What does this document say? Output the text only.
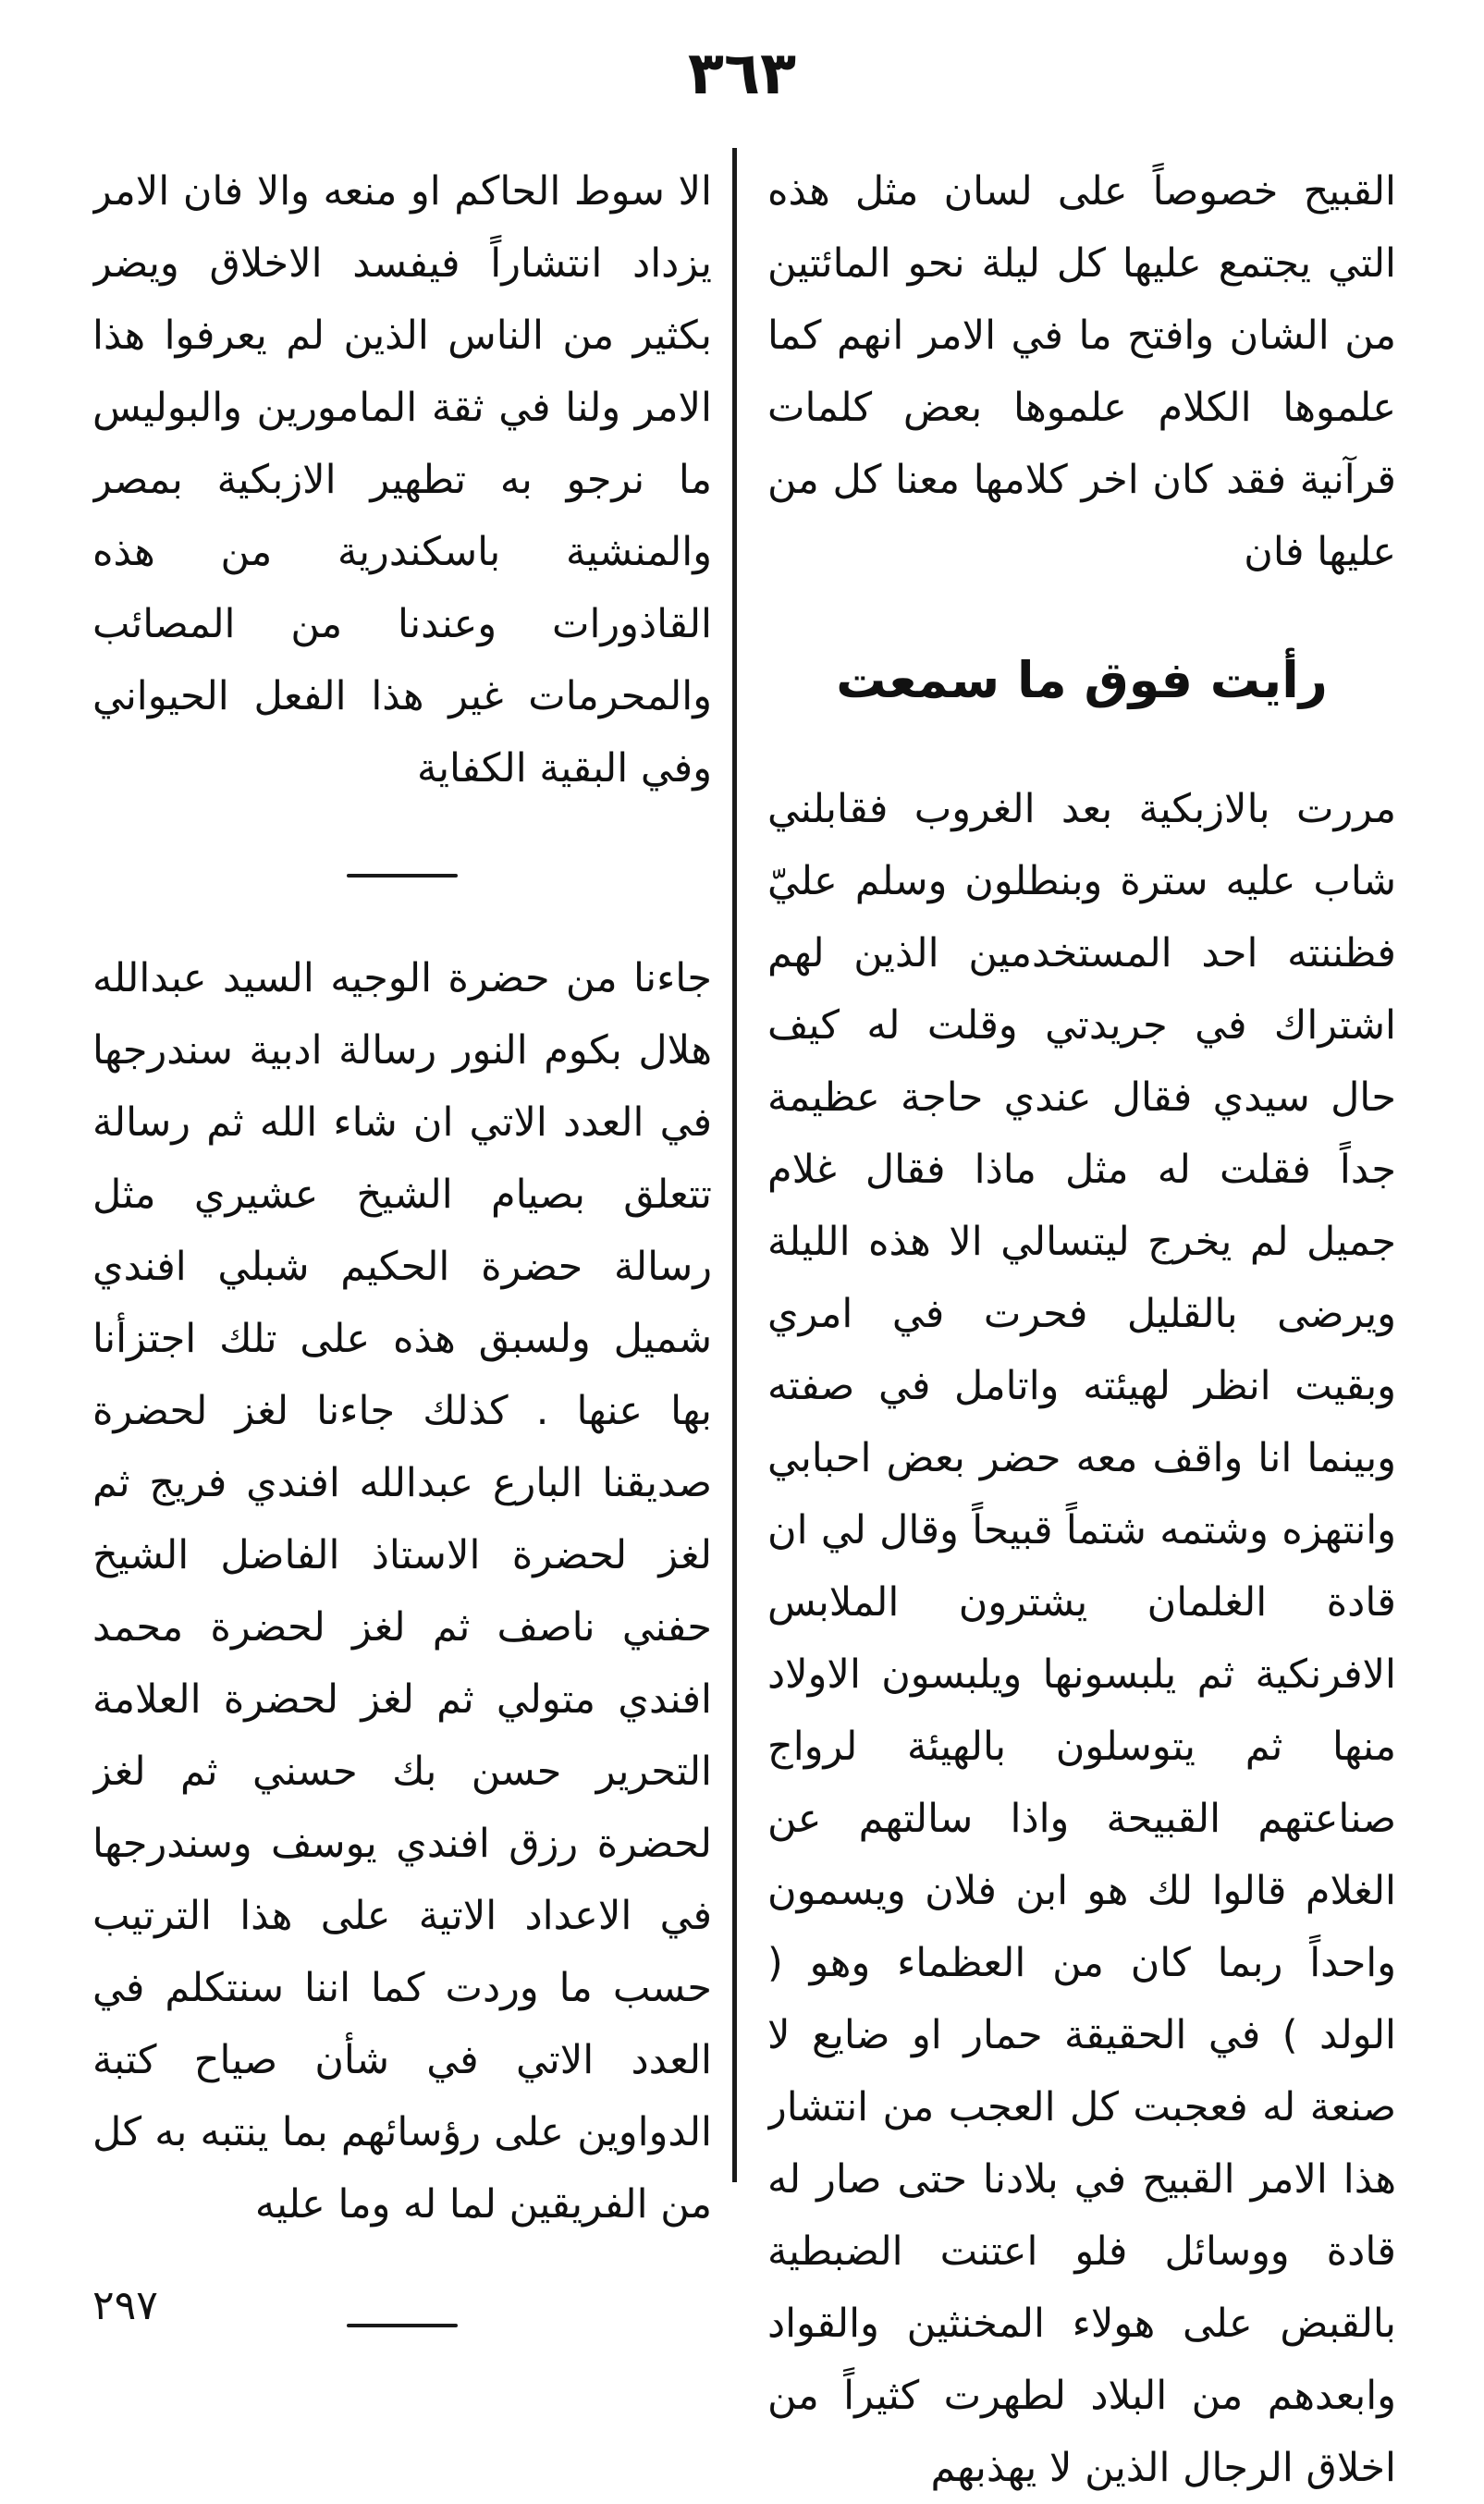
٣٦٣

القبيح خصوصاً على لسان مثل هذه التي يجتمع عليها كل ليلة نحو المائتين من الشان وافتح ما في الامر انهم كما علموها الكلام علموها بعض كلمات قرآنية فقد كان اخر كلامها معنا كل من عليها فان

رأيت فوق ما سمعت

مررت بالازبكية بعد الغروب فقابلني شاب عليه سترة وبنطلون وسلم عليّ فظننته احد المستخدمين الذين لهم اشتراك في جريدتي وقلت له كيف حال سيدي فقال عندي حاجة عظيمة جداً فقلت له مثل ماذا فقال غلام جميل لم يخرج ليتسالي الا هذه الليلة ويرضى بالقليل فحرت في امري وبقيت انظر لهيئته واتامل في صفته وبينما انا واقف معه حضر بعض احبابي وانتهزه وشتمه شتماً قبيحاً وقال لي ان قادة الغلمان يشترون الملابس الافرنكية ثم يلبسونها ويلبسون الاولاد منها ثم يتوسلون بالهيئة لرواج صناعتهم القبيحة واذا سالتهم عن الغلام قالوا لك هو ابن فلان ويسمون واحداً ربما كان من العظماء وهو ( الولد ) في الحقيقة حمار او ضايع لا صنعة له فعجبت كل العجب من انتشار هذا الامر القبيح في بلادنا حتى صار له قادة ووسائل فلو اعتنت الضبطية بالقبض على هولاء المخنثين والقواد وابعدهم من البلاد لطهرت كثيراً من اخلاق الرجال الذين لا يهذبهم

الا سوط الحاكم او منعه والا فان الامر يزداد انتشاراً فيفسد الاخلاق ويضر بكثير من الناس الذين لم يعرفوا هذا الامر ولنا في ثقة المامورين والبوليس ما نرجو به تطهير الازبكية بمصر والمنشية باسكندرية من هذه القاذورات وعندنا من المصائب والمحرمات غير هذا الفعل الحيواني وفي البقية الكفاية

جاءنا من حضرة الوجيه السيد عبدالله هلال بكوم النور رسالة ادبية سندرجها في العدد الاتي ان شاء الله ثم رسالة تتعلق بصيام الشيخ عشيري مثل رسالة حضرة الحكيم شبلي افندي شميل ولسبق هذه على تلك اجتزأنا بها عنها . كذلك جاءنا لغز لحضرة صديقنا البارع عبدالله افندي فريج ثم لغز لحضرة الاستاذ الفاضل الشيخ حفني ناصف ثم لغز لحضرة محمد افندي متولي ثم لغز لحضرة العلامة التحرير حسن بك حسني ثم لغز لحضرة رزق افندي يوسف وسندرجها في الاعداد الاتية على هذا الترتيب حسب ما وردت كما اننا سنتكلم في العدد الاتي في شأن صياح كتبة الدواوين على رؤسائهم بما ينتبه به كل من الفريقين لما له وما عليه

٢٩٧
